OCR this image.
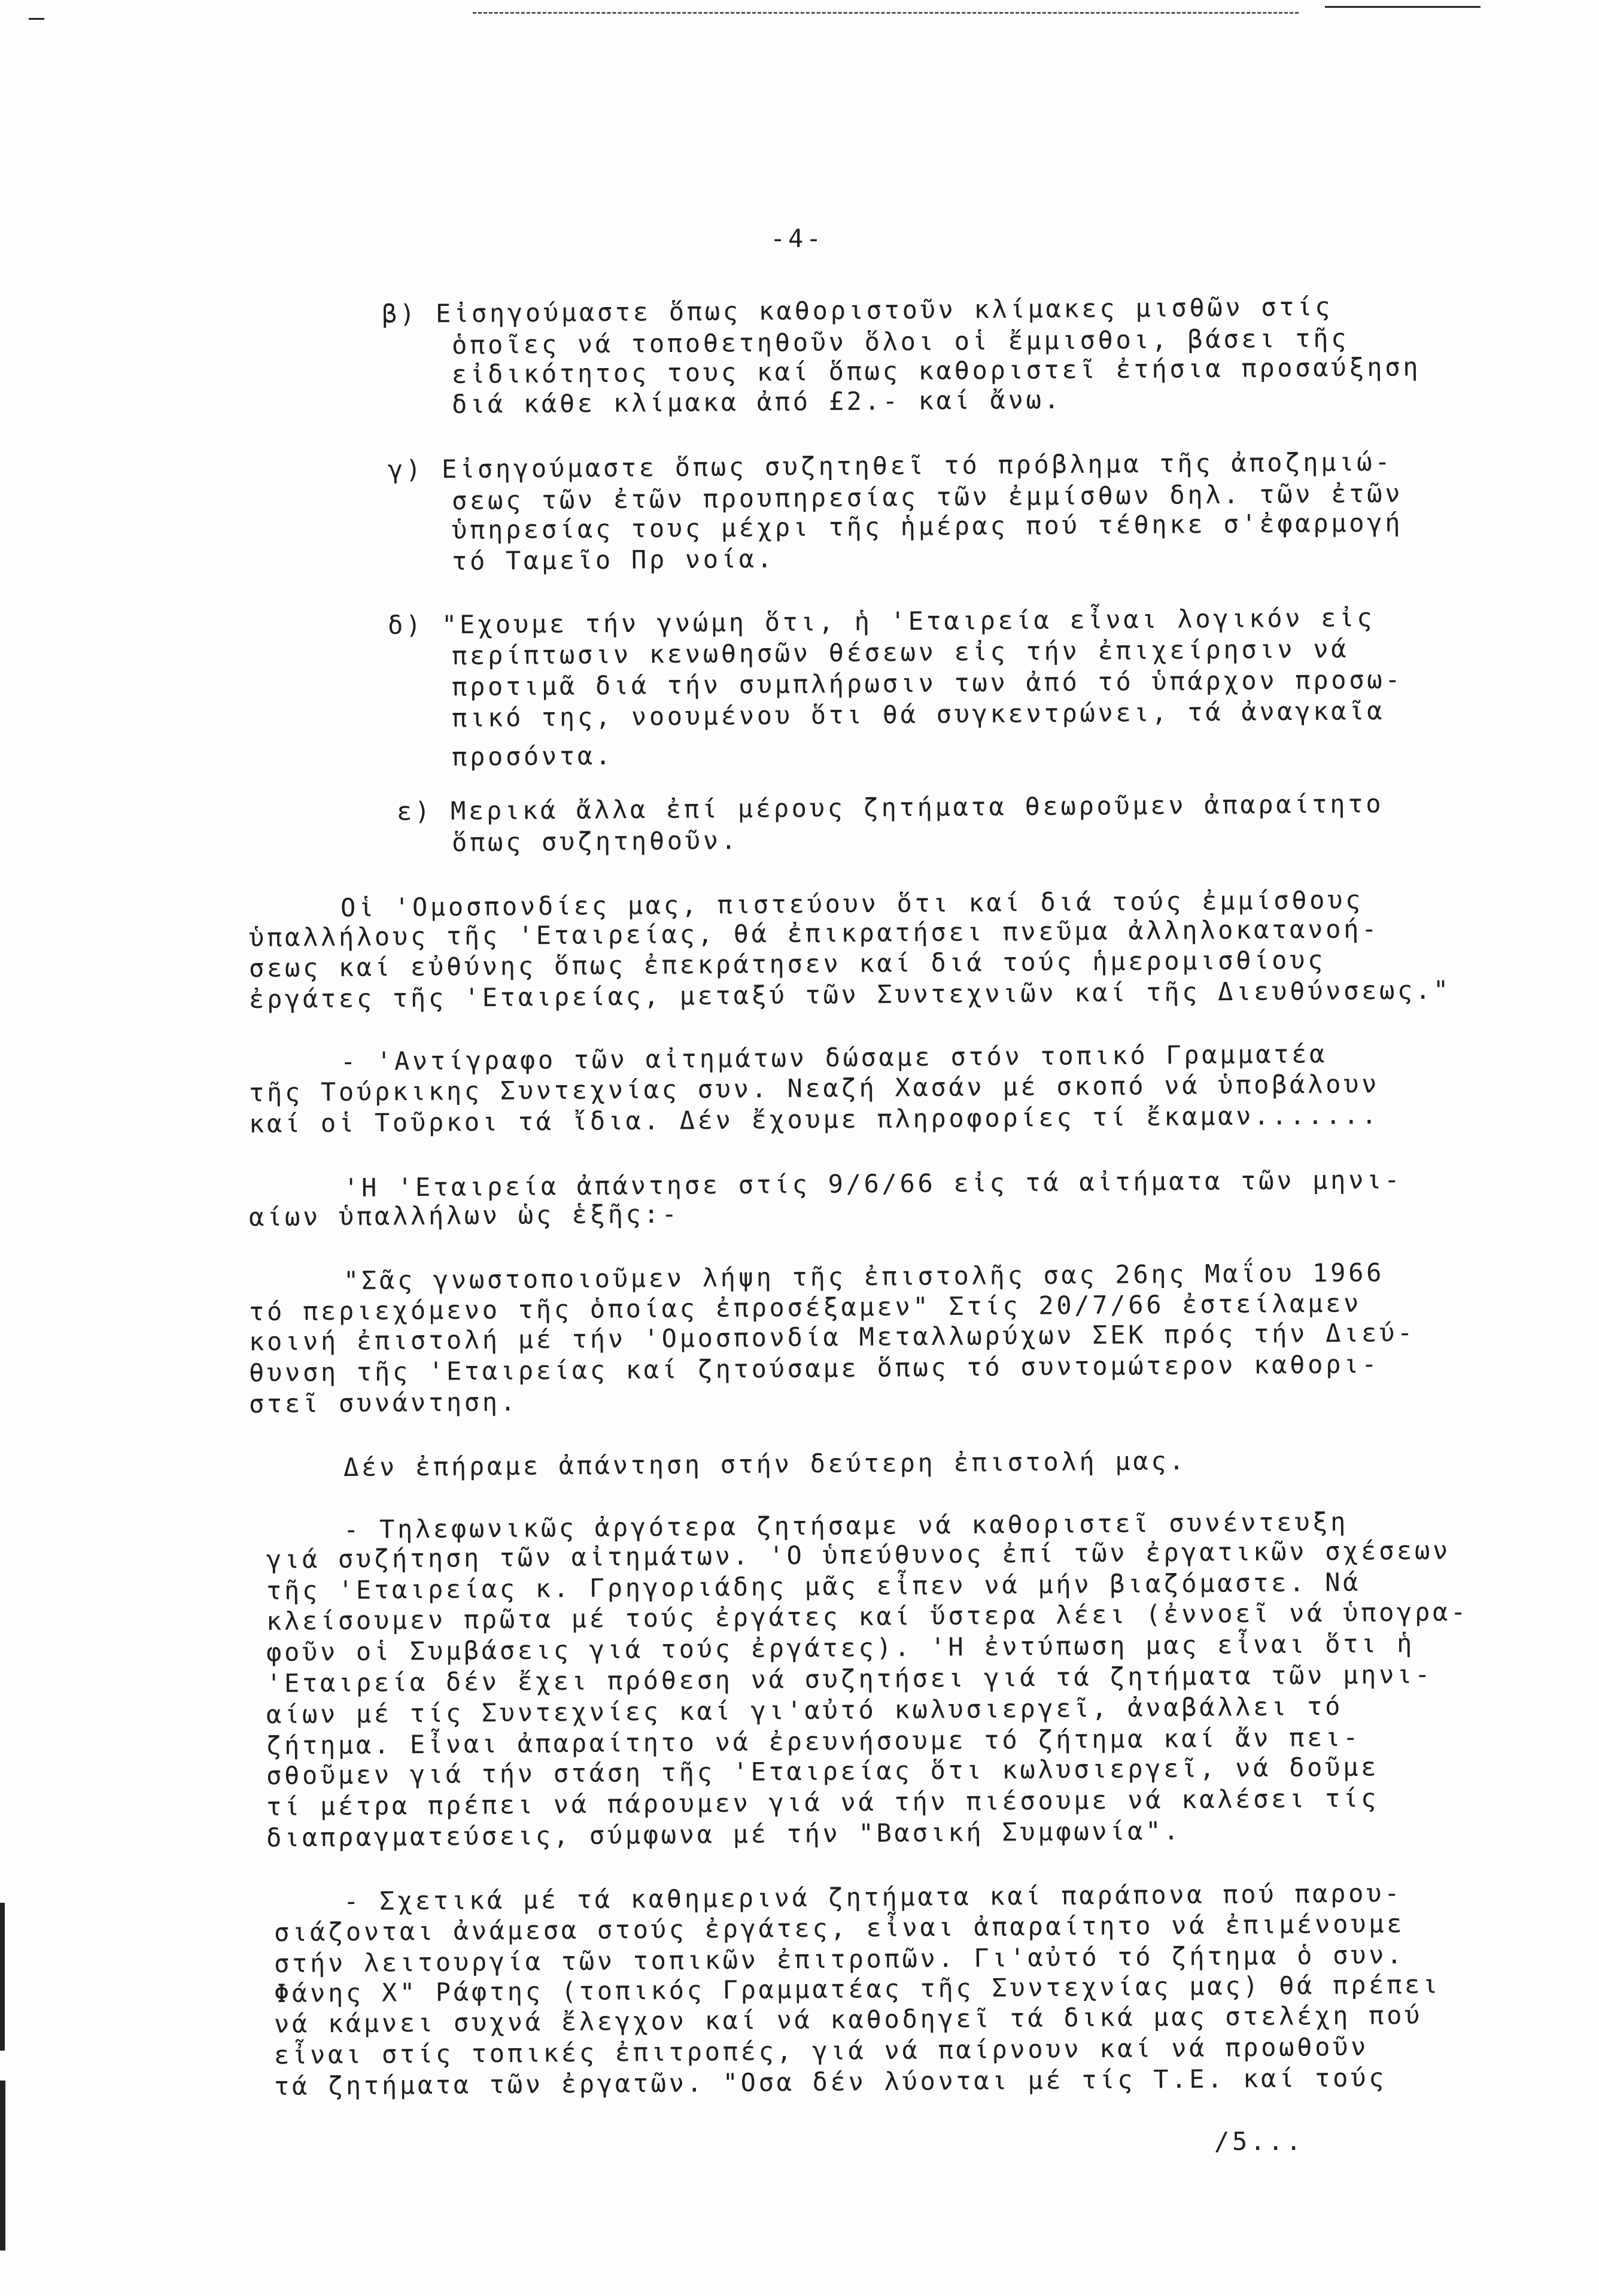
-4-
β) Εἰσηγούμαστε ὅπως καθοριστοῦν κλίμακες μισθῶν στίς
ὁποῖες νά τοποθετηθοῦν ὅλοι οἱ ἔμμισθοι, βάσει τῆς
εἰδικότητος τους καί ὅπως καθοριστεῖ ἐτήσια προσαύξηση
διά κάθε κλίμακα ἀπό £2.- καί ἄνω.
γ) Εἰσηγούμαστε ὅπως συζητηθεῖ τό πρόβλημα τῆς ἀποζημιώ-
σεως τῶν ἐτῶν προυπηρεσίας τῶν ἐμμίσθων δηλ. τῶν ἐτῶν
ὑπηρεσίας τους μέχρι τῆς ἡμέρας πού τέθηκε σ'ἐφαρμογή
τό Ταμεῖο Πρ νοία.
δ) "Εχουμε τήν γνώμη ὅτι, ἡ 'Εταιρεία εἶναι λογικόν εἰς
περίπτωσιν κενωθησῶν θέσεων εἰς τήν ἐπιχείρησιν νά
προτιμᾶ διά τήν συμπλήρωσιν των ἀπό τό ὑπάρχον προσω-
πικό της, νοουμένου ὅτι θά συγκεντρώνει, τά ἀναγκαῖα
προσόντα.
ε) Μερικά ἄλλα ἐπί μέρους ζητήματα θεωροῦμεν ἀπαραίτητο
ὅπως συζητηθοῦν.
Οἱ 'Ομοσπονδίες μας, πιστεύουν ὅτι καί διά τούς ἐμμίσθους
ὑπαλλήλους τῆς 'Εταιρείας, θά ἐπικρατήσει πνεῦμα ἀλληλοκατανοή-
σεως καί εὐθύνης ὅπως ἐπεκράτησεν καί διά τούς ἡμερομισθίους
ἐργάτες τῆς 'Εταιρείας, μεταξύ τῶν Συντεχνιῶν καί τῆς Διευθύνσεως."
- 'Αντίγραφο τῶν αἰτημάτων δώσαμε στόν τοπικό Γραμματέα
τῆς Τούρκικης Συντεχνίας συν. Νεαζή Χασάν μέ σκοπό νά ὑποβάλουν
καί οἱ Τοῦρκοι τά ἴδια. Δέν ἔχουμε πληροφορίες τί ἔκαμαν.......
'Η 'Εταιρεία ἀπάντησε στίς 9/6/66 εἰς τά αἰτήματα τῶν μηνι-
αίων ὑπαλλήλων ὡς ἑξῆς:-
"Σᾶς γνωστοποιοῦμεν λήψη τῆς ἐπιστολῆς σας 26ης Μαΐου 1966
τό περιεχόμενο τῆς ὁποίας ἐπροσέξαμεν" Στίς 20/7/66 ἐστείλαμεν
κοινή ἐπιστολή μέ τήν 'Ομοσπονδία Μεταλλωρύχων ΣΕΚ πρός τήν Διεύ-
θυνση τῆς 'Εταιρείας καί ζητούσαμε ὅπως τό συντομώτερον καθορι-
στεῖ συνάντηση.
Δέν ἐπήραμε ἀπάντηση στήν δεύτερη ἐπιστολή μας.
- Τηλεφωνικῶς ἀργότερα ζητήσαμε νά καθοριστεῖ συνέντευξη
γιά συζήτηση τῶν αἰτημάτων. 'Ο ὑπεύθυνος ἐπί τῶν ἐργατικῶν σχέσεων
τῆς 'Εταιρείας κ. Γρηγοριάδης μᾶς εἶπεν νά μήν βιαζόμαστε. Νά
κλείσουμεν πρῶτα μέ τούς ἐργάτες καί ὕστερα λέει (ἐννοεῖ νά ὑπογρα-
φοῦν οἱ Συμβάσεις γιά τούς ἐργάτες). 'Η ἐντύπωση μας εἶναι ὅτι ἡ
'Εταιρεία δέν ἔχει πρόθεση νά συζητήσει γιά τά ζητήματα τῶν μηνι-
αίων μέ τίς Συντεχνίες καί γι'αὐτό κωλυσιεργεῖ, ἀναβάλλει τό
ζήτημα. Εἶναι ἀπαραίτητο νά ἐρευνήσουμε τό ζήτημα καί ἄν πει-
σθοῦμεν γιά τήν στάση τῆς 'Εταιρείας ὅτι κωλυσιεργεῖ, νά δοῦμε
τί μέτρα πρέπει νά πάρουμεν γιά νά τήν πιέσουμε νά καλέσει τίς
διαπραγματεύσεις, σύμφωνα μέ τήν "Βασική Συμφωνία".
- Σχετικά μέ τά καθημερινά ζητήματα καί παράπονα πού παρου-
σιάζονται ἀνάμεσα στούς ἐργάτες, εἶναι ἀπαραίτητο νά ἐπιμένουμε
στήν λειτουργία τῶν τοπικῶν ἐπιτροπῶν. Γι'αὐτό τό ζήτημα ὁ συν.
Φάνης Χ" Ράφτης (τοπικός Γραμματέας τῆς Συντεχνίας μας) θά πρέπει
νά κάμνει συχνά ἔλεγχον καί νά καθοδηγεῖ τά δικά μας στελέχη πού
εἶναι στίς τοπικές ἐπιτροπές, γιά νά παίρνουν καί νά προωθοῦν
τά ζητήματα τῶν ἐργατῶν. "Οσα δέν λύονται μέ τίς Τ.Ε. καί τούς
/5...
